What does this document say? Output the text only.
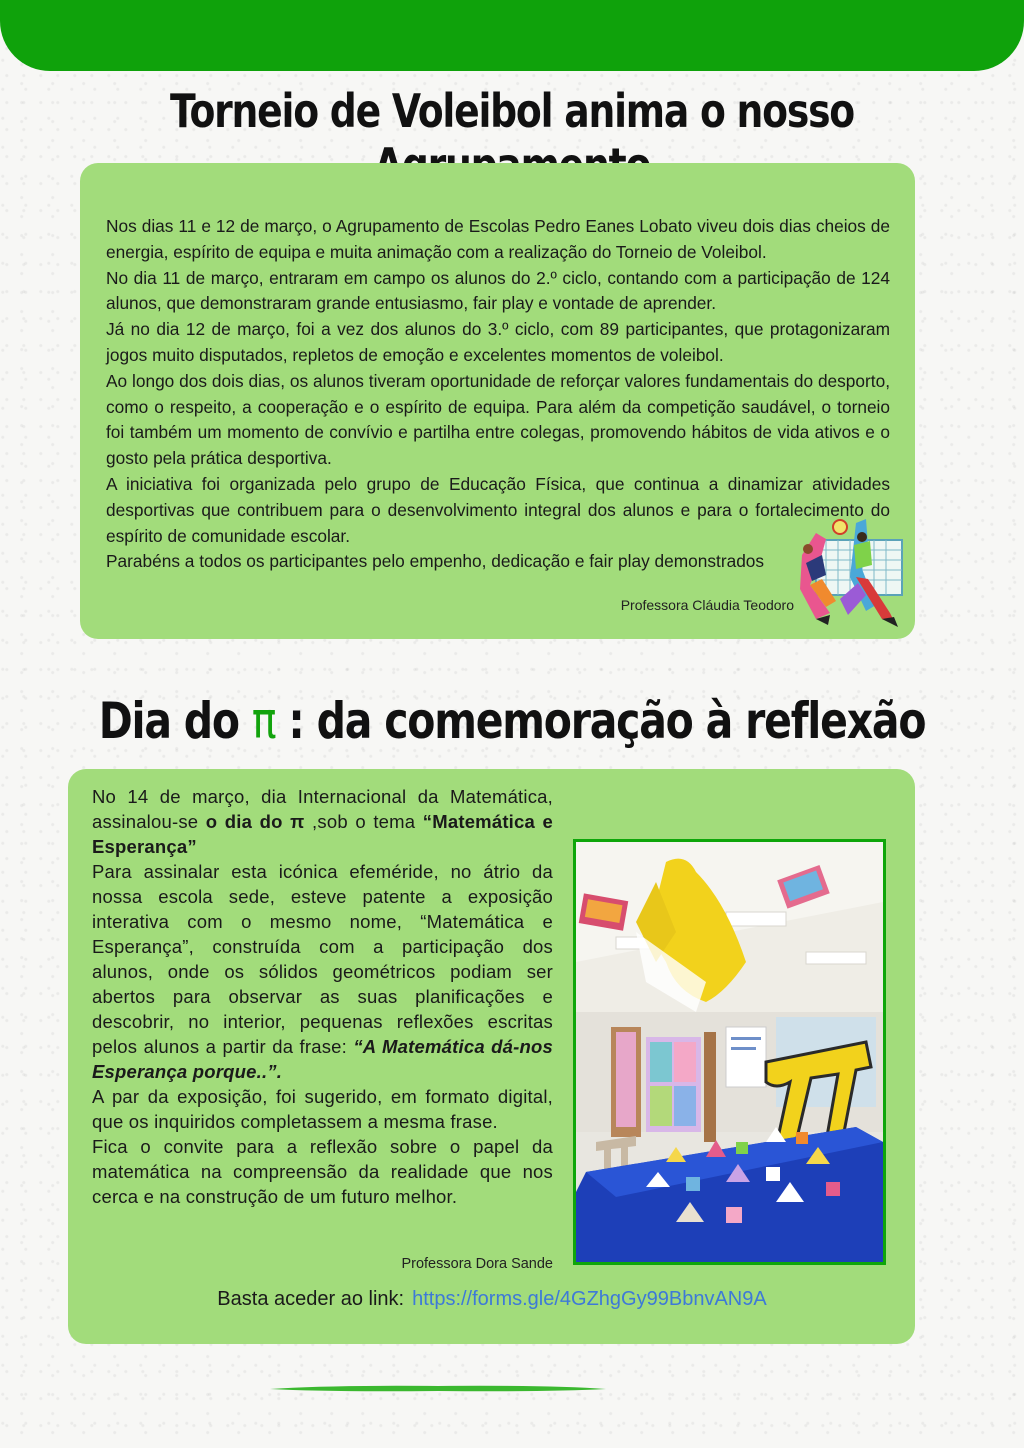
Torneio de Voleibol anima o nosso
Nos dias 11 e 12 de março, o Agrupamento de Escolas Pedro Eanes Lobato viveu dois dias cheios de energia, espírito de equipa e muita animação com a realização do Torneio de Voleibol.
No dia 11 de março, entraram em campo os alunos do 2.º ciclo, contando com a participação de 124 alunos, que demonstraram grande entusiasmo, fair play e vontade de aprender.
Já no dia 12 de março, foi a vez dos alunos do 3.º ciclo, com 89 participantes, que protagonizaram jogos muito disputados, repletos de emoção e excelentes momentos de voleibol.
Ao longo dos dois dias, os alunos tiveram oportunidade de reforçar valores fundamentais do desporto, como o respeito, a cooperação e o espírito de equipa. Para além da competição saudável, o torneio foi também um momento de convívio e partilha entre colegas, promovendo hábitos de vida ativos e o gosto pela prática desportiva.
A iniciativa foi organizada pelo grupo de Educação Física, que continua a dinamizar atividades desportivas que contribuem para o desenvolvimento integral dos alunos e para o fortalecimento do espírito de comunidade escolar.
Parabéns a todos os participantes pelo empenho, dedicação e fair play demonstrados
Professora Cláudia Teodoro
Dia do π : da comemoração à reflexão
No 14 de março, dia Internacional da Matemática, assinalou-se o dia do π ,sob o tema “Matemática e Esperança”
Para assinalar esta icónica efeméride, no átrio da nossa escola sede, esteve patente a exposição interativa com o mesmo nome, “Matemática e Esperança”, construída com a participação dos alunos, onde os sólidos geométricos podiam ser abertos para observar as suas planificações e descobrir, no interior, pequenas reflexões escritas pelos alunos a partir da frase: “A Matemática dá-nos Esperança porque..”.
A par da exposição, foi sugerido, em formato digital, que os inquiridos completassem a mesma frase.
Fica o convite para a reflexão sobre o papel da matemática na compreensão da realidade que nos cerca e na construção de um futuro melhor.
Professora Dora Sande
Basta aceder ao link: https://forms.gle/4GZhgGy99BbnvAN9A
